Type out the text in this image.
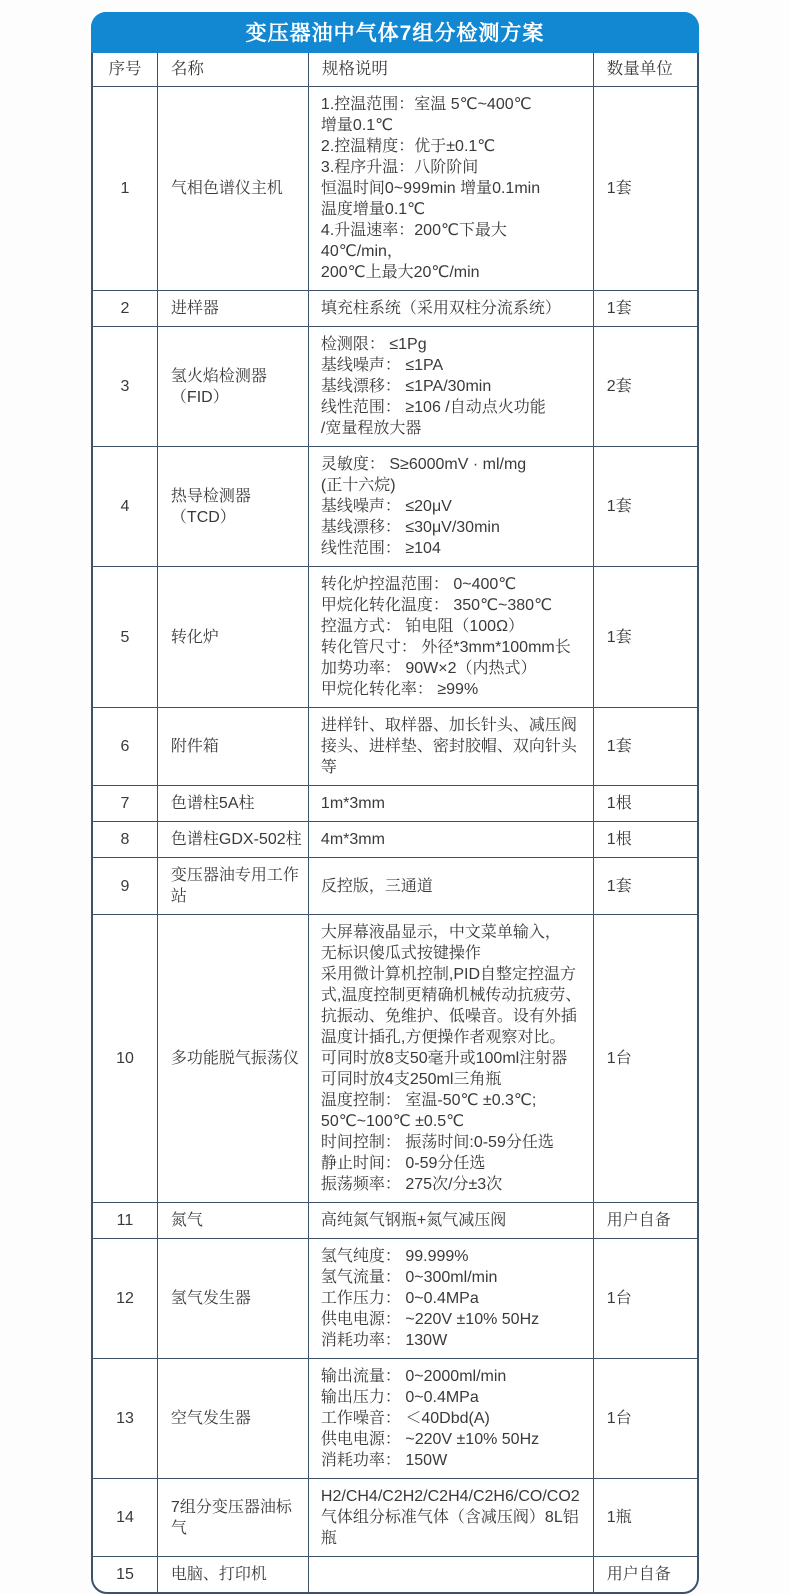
变压器油中气体7组分检测方案
序号	名称	规格说明	数量单位
1	气相色谱仪主机	
1.控温范围：室温 5℃~400℃
增量0.1℃
2.控温精度：优于±0.1℃
3.程序升温：八阶阶间
恒温时间0~999min 增量0.1min
温度增量0.1℃
4.升温速率：200℃下最大40℃/min，
200℃上最大20℃/min
	1套
2	进样器	填充柱系统（采用双柱分流系统）	1套
3	氢火焰检测器（FID）	检测限： ≤1Pg
基线噪声： ≤1PA
基线漂移： ≤1PA/30min
线性范围： ≥106 /自动点火功能
/宽量程放大器	2套
4	热导检测器（TCD）	灵敏度： S≥6000mV · ml/mg
(正十六烷)
基线噪声： ≤20μV
基线漂移： ≤30μV/30min
线性范围： ≥104	1套
5	转化炉	
转化炉控温范围： 0~400℃
甲烷化转化温度： 350℃~380℃
控温方式： 铂电阻（100Ω）
转化管尺寸： 外径*3mm*100mm长
加势功率： 90W×2（内热式）
甲烷化转化率： ≥99%
	1套
6	附件箱	进样针、取样器、加长针头、减压阀接头、进样垫、密封胶帽、双向针头等	1套
7	色谱柱5A柱	1m*3mm	1根
8	色谱柱GDX-502柱	4m*3mm	1根
9	变压器油专用工作站	反控版，三通道	1套
10	多功能脱气振荡仪	
大屏幕液晶显示，中文菜单输入，
无标识傻瓜式按键操作
采用微计算机控制,PID自整定控温方式,温度控制更精确机械传动抗疲劳、抗振动、免维护、低噪音。设有外插温度计插孔,方便操作者观察对比。
可同时放8支50毫升或100ml注射器
可同时放4支250ml三角瓶
温度控制： 室温-50℃ ±0.3℃;
50℃~100℃ ±0.5℃
时间控制： 振荡时间:0-59分任选
静止时间： 0-59分任选
振荡频率： 275次/分±3次
	1台
11	氮气	高纯氮气钢瓶+氮气减压阀	用户自备
12	氢气发生器	氢气纯度： 99.999%
氢气流量： 0~300ml/min
工作压力： 0~0.4MPa
供电电源： ~220V ±10% 50Hz
消耗功率： 130W	1台
13	空气发生器	输出流量： 0~2000ml/min
输出压力： 0~0.4MPa
工作噪音： ＜40Dbd(A)
供电电源： ~220V ±10% 50Hz
消耗功率： 150W	1台
14	7组分变压器油标气	H2/CH4/C2H2/C2H4/C2H6/CO/CO2
气体组分标准气体（含减压阀）8L铝瓶	1瓶
15	电脑、打印机		用户自备
